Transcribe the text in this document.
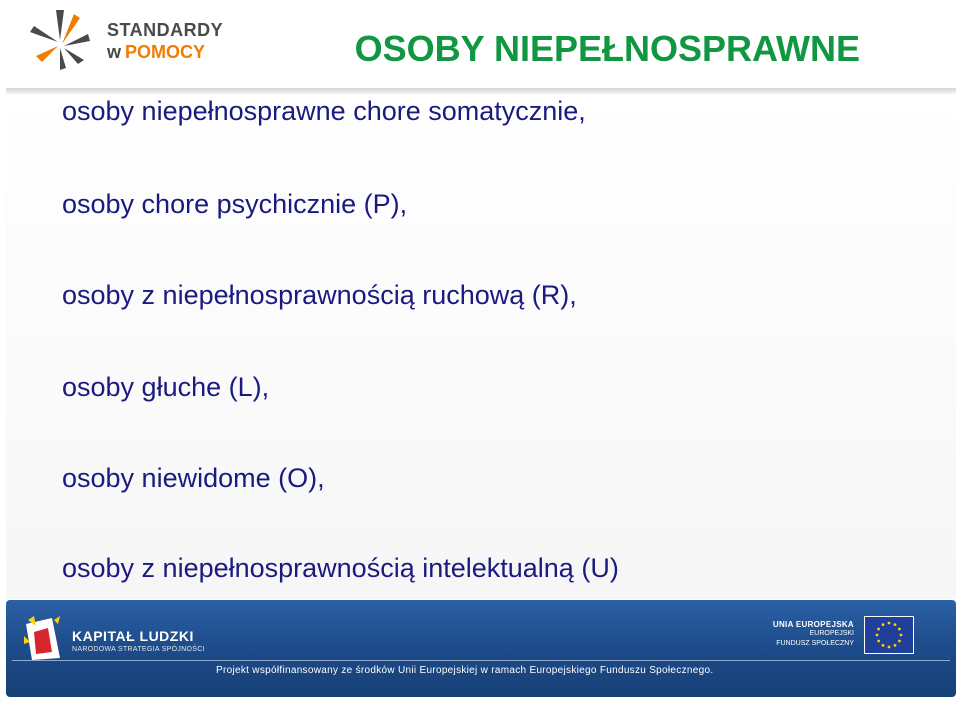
STANDARDY
w POMOCY	OSOBY NIEPEŁNOSPRAWNE
osoby niepełnosprawne chore somatycznie,
osoby chore psychicznie (P),
osoby z niepełnosprawnością ruchową (R),
osoby głuche (L),
osoby niewidome (O),
osoby z niepełnosprawnością intelektualną (U)
KAPITAŁ LUDZKI
NARODOWA STRATEGIA SPÓJNOŚCI
UNIA EUROPEJSKA
EUROPEJSKI
FUNDUSZ SPOŁECZNY
Projekt współfinansowany ze środków Unii Europejskiej w ramach Europejskiego Funduszu Społecznego.
